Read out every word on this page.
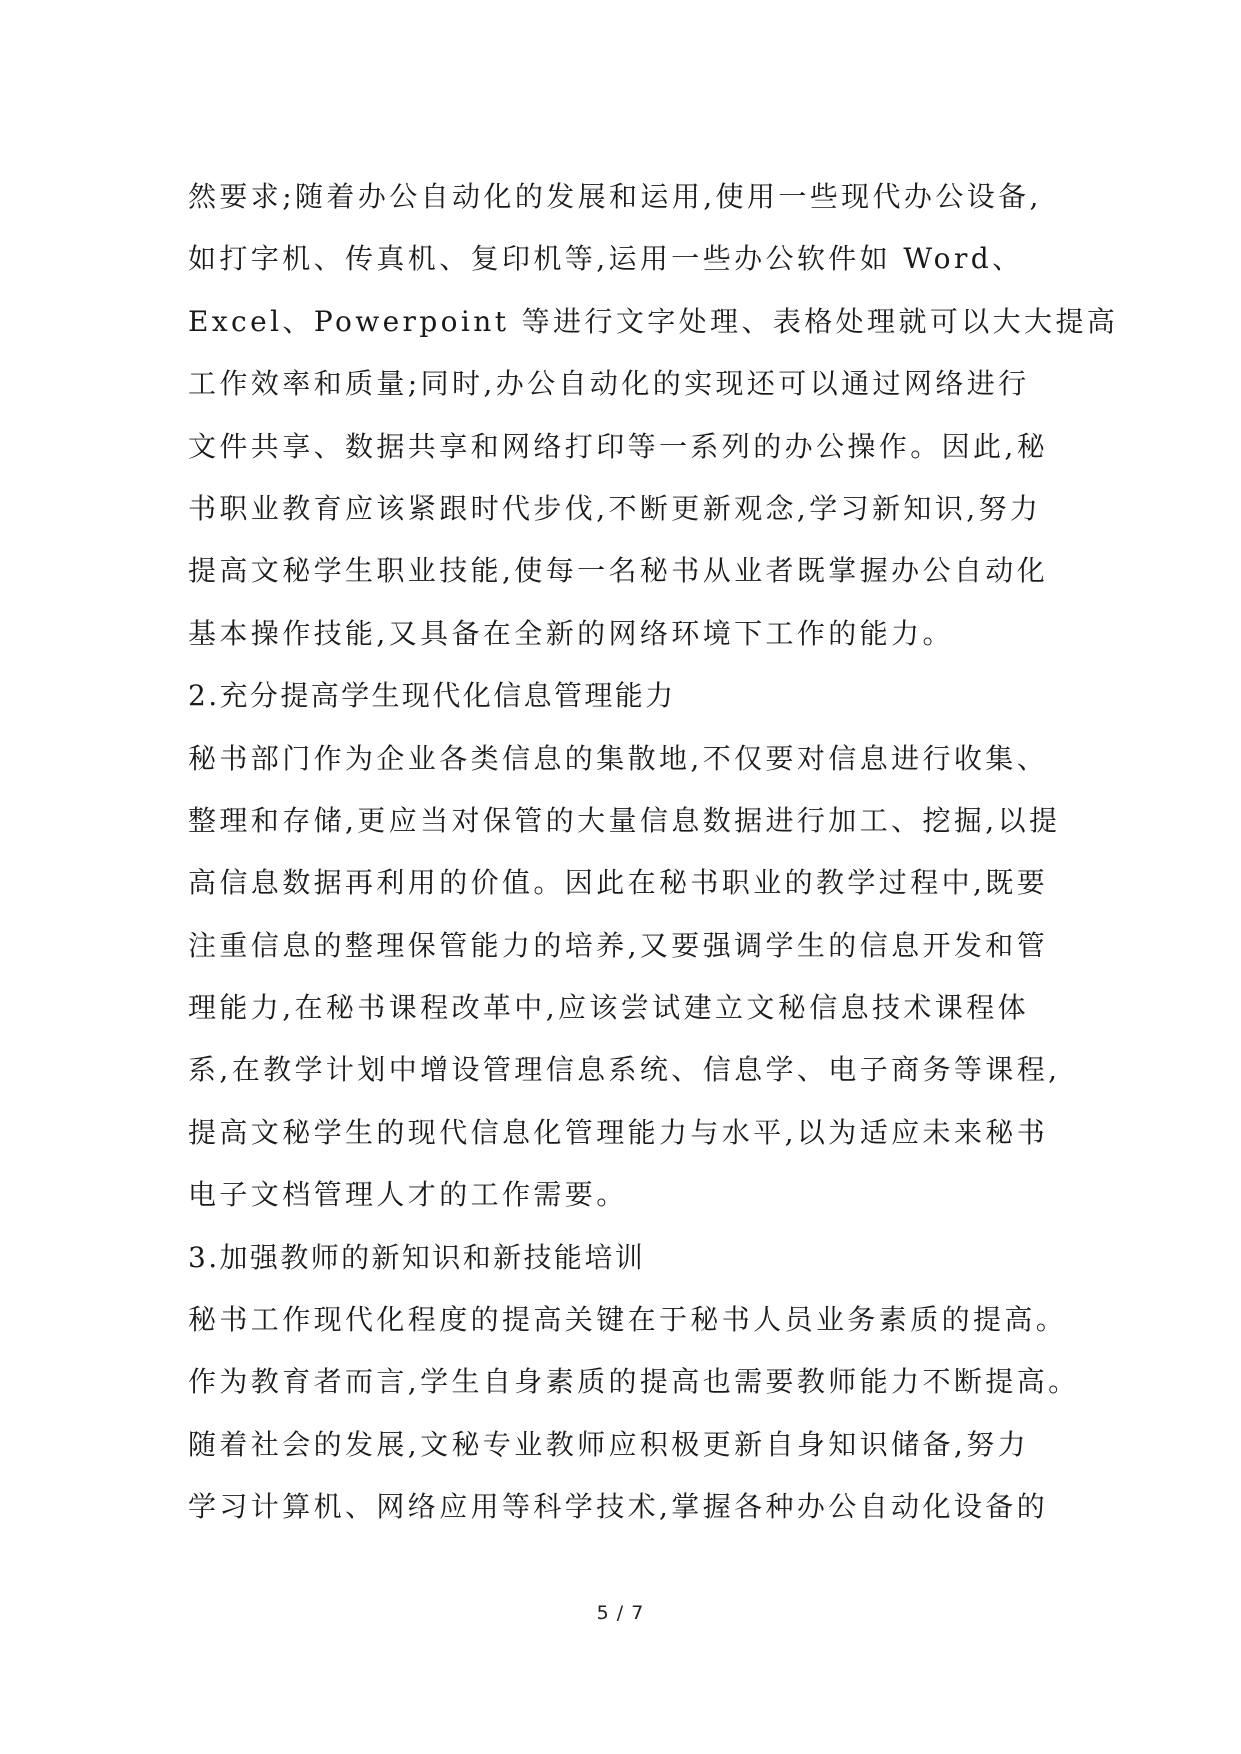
然要求;随着办公自动化的发展和运用,使用一些现代办公设备,
如打字机、传真机、复印机等,运用一些办公软件如 Word、
Excel、Powerpoint 等进行文字处理、表格处理就可以大大提高
工作效率和质量;同时,办公自动化的实现还可以通过网络进行
文件共享、数据共享和网络打印等一系列的办公操作。因此,秘
书职业教育应该紧跟时代步伐,不断更新观念,学习新知识,努力
提高文秘学生职业技能,使每一名秘书从业者既掌握办公自动化
基本操作技能,又具备在全新的网络环境下工作的能力。
2.充分提高学生现代化信息管理能力
秘书部门作为企业各类信息的集散地,不仅要对信息进行收集、
整理和存储,更应当对保管的大量信息数据进行加工、挖掘,以提
高信息数据再利用的价值。因此在秘书职业的教学过程中,既要
注重信息的整理保管能力的培养,又要强调学生的信息开发和管
理能力,在秘书课程改革中,应该尝试建立文秘信息技术课程体
系,在教学计划中增设管理信息系统、信息学、电子商务等课程,
提高文秘学生的现代信息化管理能力与水平,以为适应未来秘书
电子文档管理人才的工作需要。
3.加强教师的新知识和新技能培训
秘书工作现代化程度的提高关键在于秘书人员业务素质的提高。
作为教育者而言,学生自身素质的提高也需要教师能力不断提高。
随着社会的发展,文秘专业教师应积极更新自身知识储备,努力
学习计算机、网络应用等科学技术,掌握各种办公自动化设备的
5 / 7
